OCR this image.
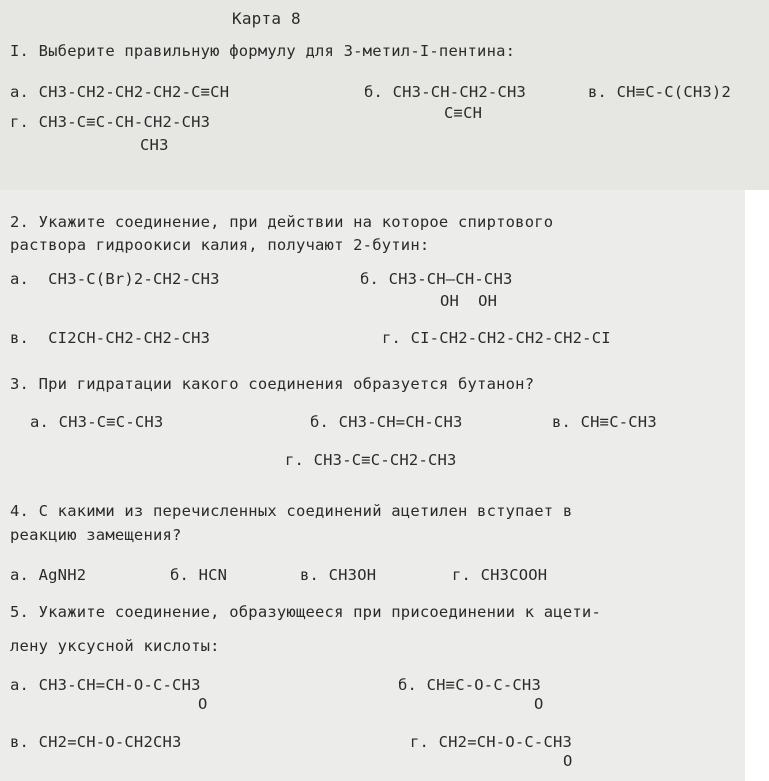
Карта 8
I. Выберите правильную формулу для 3-метил-I-пентина:
а. CH3-CH2-CH2-CH2-C≡CH	б. CH3-CH-CH2-CH3
C≡CH
в. CH≡C-C(CH3)2
г. CH3-C≡C-CH-CH2-CH3
CH3
2. Укажите соединение, при действии на которое спиртового
раствора гидроокиси калия, получают 2-бутин:
а.  CH3-C(Br)2-CH2-CH3	б. CH3-CH—CH-CH3
OH  OH
в.  CI2CH-CH2-CH2-CH3	г. CI-CH2-CH2-CH2-CH2-CI
3. При гидратации какого соединения образуется бутанон?
а. CH3-C≡C-CH3	б. CH3-CH=CH-CH3	в. CH≡C-CH3
г. CH3-C≡C-CH2-CH3
4. С какими из перечисленных соединений ацетилен вступает в
реакцию замещения?
а. AgNH2	б. HCN	в. CH3OH	г. CH3COOH
5. Укажите соединение, образующееся при присоединении к ацети-
лену уксусной кислоты:
а. CH3-CH=CH-O-C-CH3
O
б. CH≡C-O-C-CH3
O
в. CH2=CH-O-CH2CH3	г. CH2=CH-O-C-CH3
O
